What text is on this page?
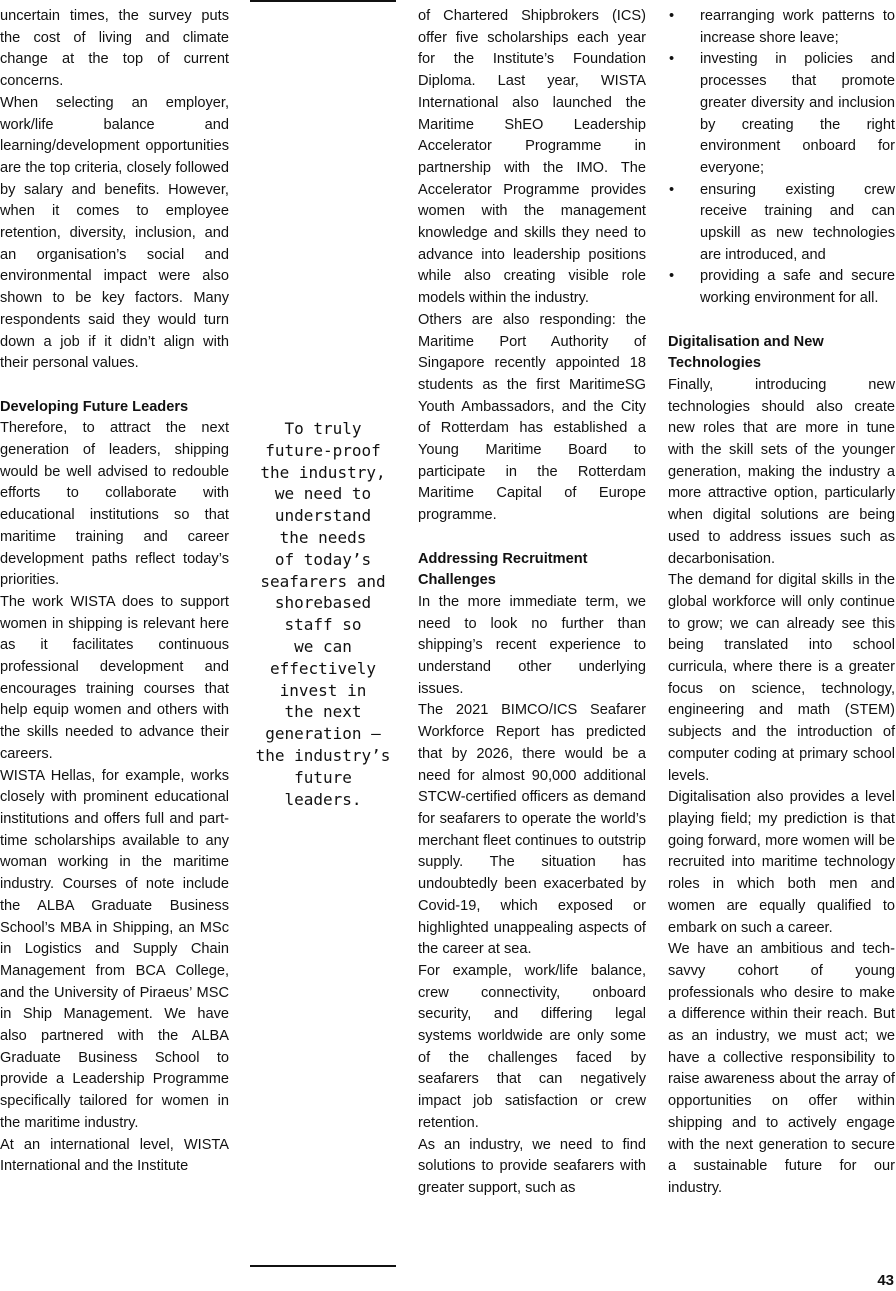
uncertain times, the survey puts the cost of living and climate change at the top of current concerns.

When selecting an employer, work/life balance and learning/development opportunities are the top criteria, closely followed by salary and benefits. However, when it comes to employee retention, diversity, inclusion, and an organisation’s social and environmental impact were also shown to be key factors. Many respondents said they would turn down a job if it didn’t align with their personal values.

Developing Future Leaders

Therefore, to attract the next generation of leaders, shipping would be well advised to redouble efforts to collaborate with educational institutions so that maritime training and career development paths reflect today’s priorities.

The work WISTA does to support women in shipping is relevant here as it facilitates continuous professional development and encourages training courses that help equip women and others with the skills needed to advance their careers.

WISTA Hellas, for example, works closely with prominent educational institutions and offers full and part-time scholarships available to any woman working in the maritime industry. Courses of note include the ALBA Graduate Business School’s MBA in Shipping, an MSc in Logistics and Supply Chain Management from BCA College, and the University of Piraeus’ MSC in Ship Management. We have also partnered with the ALBA Graduate Business School to provide a Leadership Programme specifically tailored for women in the maritime industry.

At an international level, WISTA International and the Institute

To truly
future-proof
the industry,
we need to
understand
the needs
of today’s
seafarers and
shorebased
staff so
we can
effectively
invest in
the next
generation –
the industry’s
future
leaders.

of Chartered Shipbrokers (ICS) offer five scholarships each year for the Institute’s Foundation Diploma. Last year, WISTA International also launched the Maritime ShEO Leadership Accelerator Programme in partnership with the IMO. The Accelerator Programme provides women with the management knowledge and skills they need to advance into leadership positions while also creating visible role models within the industry.

Others are also responding: the Maritime Port Authority of Singapore recently appointed 18 students as the first MaritimeSG Youth Ambassadors, and the City of Rotterdam has established a Young Maritime Board to participate in the Rotterdam Maritime Capital of Europe programme.

Addressing Recruitment Challenges

In the more immediate term, we need to look no further than shipping’s recent experience to understand other underlying issues.

The 2021 BIMCO/ICS Seafarer Workforce Report has predicted that by 2026, there would be a need for almost 90,000 additional STCW-certified officers as demand for seafarers to operate the world’s merchant fleet continues to outstrip supply. The situation has undoubtedly been exacerbated by Covid-19, which exposed or highlighted unappealing aspects of the career at sea.

For example, work/life balance, crew connectivity, onboard security, and differing legal systems worldwide are only some of the challenges faced by seafarers that can negatively impact job satisfaction or crew retention.

As an industry, we need to find solutions to provide seafarers with greater support, such as

• rearranging work patterns to increase shore leave;
• investing in policies and processes that promote greater diversity and inclusion by creating the right environment onboard for everyone;
• ensuring existing crew receive training and can upskill as new technologies are introduced, and
• providing a safe and secure working environment for all.
Digitalisation and New Technologies

Finally, introducing new technologies should also create new roles that are more in tune with the skill sets of the younger generation, making the industry a more attractive option, particularly when digital solutions are being used to address issues such as decarbonisation.

The demand for digital skills in the global workforce will only continue to grow; we can already see this being translated into school curricula, where there is a greater focus on science, technology, engineering and math (STEM) subjects and the introduction of computer coding at primary school levels.

Digitalisation also provides a level playing field; my prediction is that going forward, more women will be recruited into maritime technology roles in which both men and women are equally qualified to embark on such a career.

We have an ambitious and tech-savvy cohort of young professionals who desire to make a difference within their reach. But as an industry, we must act; we have a collective responsibility to raise awareness about the array of opportunities on offer within shipping and to actively engage with the next generation to secure a sustainable future for our industry.

43
